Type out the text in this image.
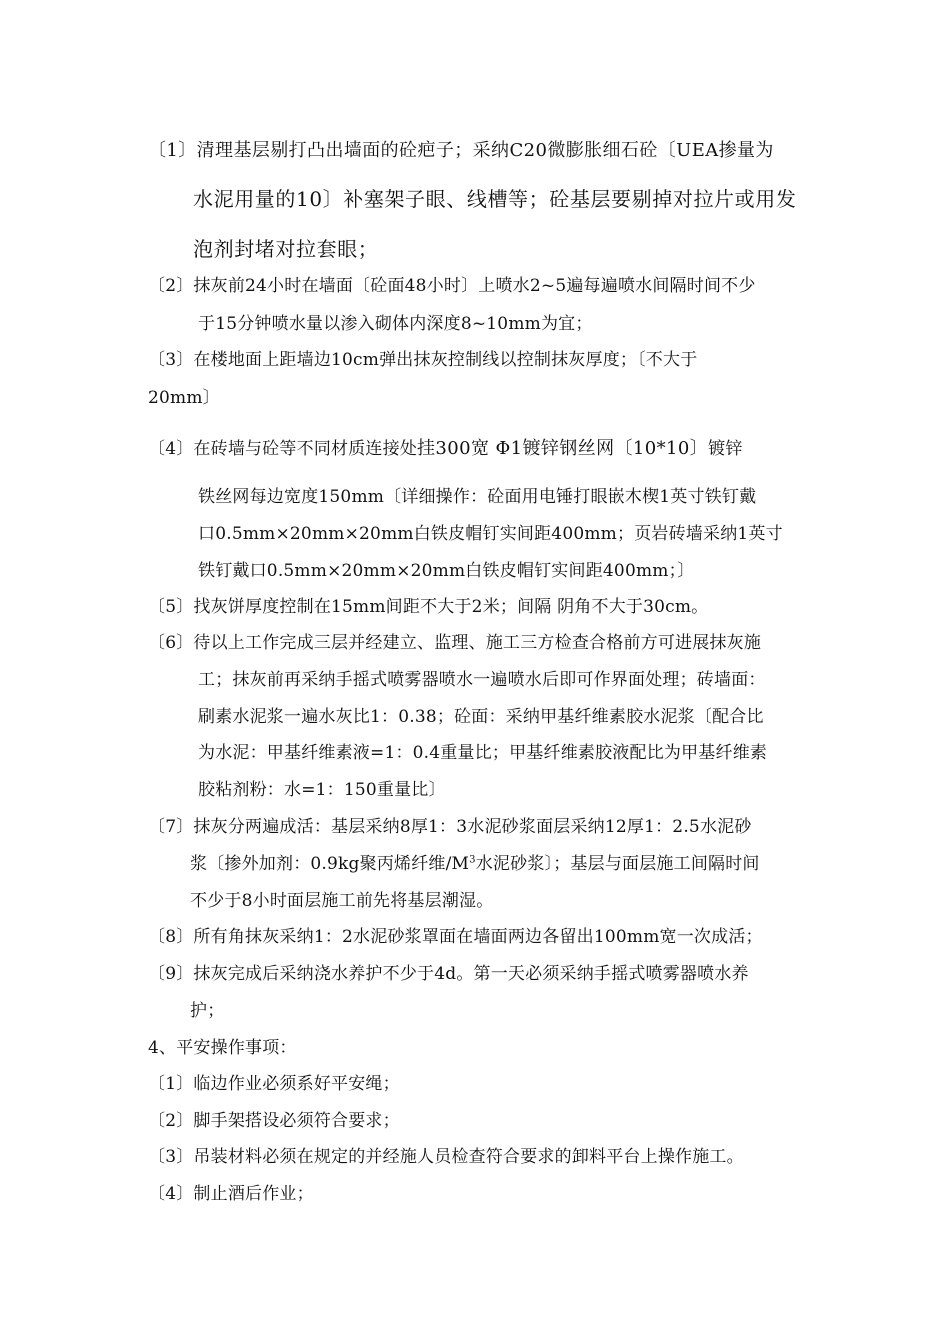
〔1〕清理基层剔打凸出墙面的砼疤子；采纳C20微膨胀细石砼〔UEA掺量为
水泥用量的10〕补塞架子眼、线槽等；砼基层要剔掉对拉片或用发
泡剂封堵对拉套眼；
〔2〕抹灰前24小时在墙面〔砼面48小时〕上喷水2~5遍每遍喷水间隔时间不少
于15分钟喷水量以渗入砌体内深度8~10mm为宜；
〔3〕在楼地面上距墙边10cm弹出抹灰控制线以控制抹灰厚度；〔不大于
20mm〕
〔4〕在砖墙与砼等不同材质连接处挂300宽 Φ1镀锌钢丝网〔10*10〕镀锌
铁丝网每边宽度150mm〔详细操作：砼面用电锤打眼嵌木楔1英寸铁钉戴
口0.5mm×20mm×20mm白铁皮帽钉实间距400mm；页岩砖墙采纳1英寸
铁钉戴口0.5mm×20mm×20mm白铁皮帽钉实间距400mm；〕
〔5〕找灰饼厚度控制在15mm间距不大于2米；间隔 阴角不大于30cm。
〔6〕待以上工作完成三层并经建立、监理、施工三方检查合格前方可进展抹灰施
工；抹灰前再采纳手摇式喷雾器喷水一遍喷水后即可作界面处理；砖墙面：
刷素水泥浆一遍水灰比1：0.38；砼面：采纳甲基纤维素胶水泥浆〔配合比
为水泥：甲基纤维素液=1：0.4重量比；甲基纤维素胶液配比为甲基纤维素
胶粘剂粉：水=1：150重量比〕
〔7〕抹灰分两遍成活：基层采纳8厚1：3水泥砂浆面层采纳12厚1：2.5水泥砂
浆〔掺外加剂：0.9kg聚丙烯纤维$/M^3$水泥砂浆〕；基层与面层施工间隔时间
不少于8小时面层施工前先将基层潮湿。
〔8〕所有角抹灰采纳1：2水泥砂浆罩面在墙面两边各留出100mm宽一次成活；
〔9〕抹灰完成后采纳浇水养护不少于4d。第一天必须采纳手摇式喷雾器喷水养
护；
4、平安操作事项：
〔1〕临边作业必须系好平安绳；
〔2〕脚手架搭设必须符合要求；
〔3〕吊装材料必须在规定的并经施人员检查符合要求的卸料平台上操作施工。
〔4〕制止酒后作业；
